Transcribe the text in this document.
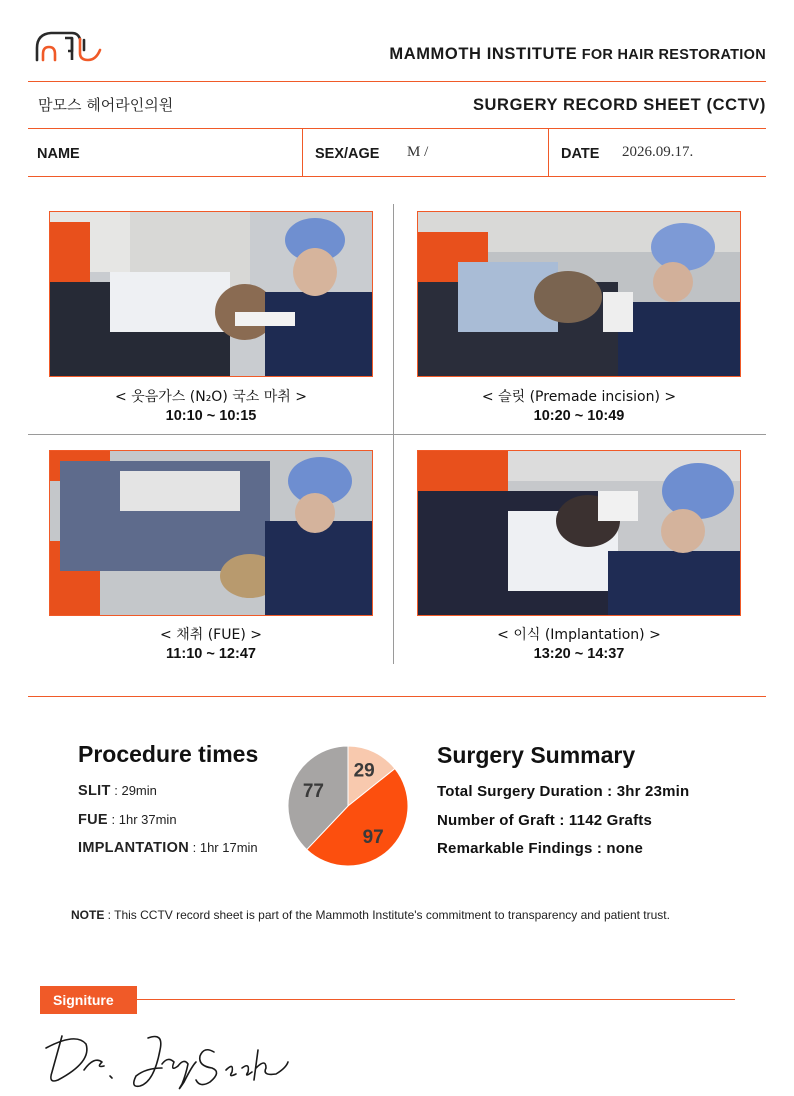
MAMMOTH INSTITUTE FOR HAIR RESTORATION
맘모스 헤어라인의원	SURGERY RECORD SHEET (CCTV)
NAME	SEX/AGE M /	DATE 2026.09.17.
< 웃음가스 (N₂O) 국소 마취 >
10:10 ~ 10:15
< 슬릿 (Premade incision) >
10:20 ~ 10:49
< 채취 (FUE) >
11:10 ~ 12:47
< 이식 (Implantation) >
13:20 ~ 14:37
Procedure times
SLIT : 29min
FUE : 1hr 37min
IMPLANTATION : 1hr 17min
29
97
77
Surgery Summary
Total Surgery Duration : 3hr 23min
Number of Graft : 1142 Grafts
Remarkable Findings : none
NOTE : This CCTV record sheet is part of the Mammoth Institute's commitment to transparency and patient trust.
Signiture
